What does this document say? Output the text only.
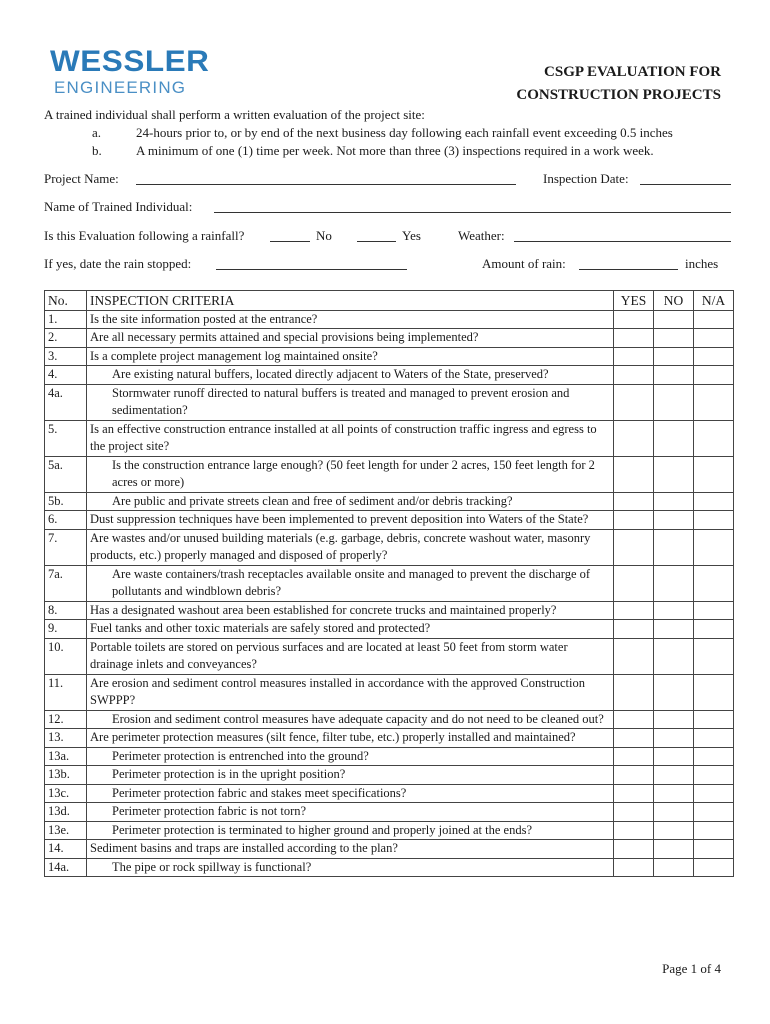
WESSLER
ENGINEERING
CSGP EVALUATION FOR
CONSTRUCTION PROJECTS
A trained individual shall perform a written evaluation of the project site:
a.	24-hours prior to, or by end of the next business day following each rainfall event exceeding 0.5 inches
b.	A minimum of one (1) time per week. Not more than three (3) inspections required in a work week.
Project Name:	Inspection Date:
Name of Trained Individual:
Is this Evaluation following a rainfall?	No	Yes	Weather:
If yes, date the rain stopped:	Amount of rain:	inches
No.	INSPECTION CRITERIA	YES	NO	N/A
1.	Is the site information posted at the entrance?			
2.	Are all necessary permits attained and special provisions being implemented?			
3.	Is a complete project management log maintained onsite?			
4.	Are existing natural buffers, located directly adjacent to Waters of the State, preserved?			

4a.	Stormwater runoff directed to natural buffers is treated and managed to prevent erosion and sedimentation?			

5.	Is an effective construction entrance installed at all points of construction traffic ingress and egress to the project site?			
5a.	Is the construction entrance large enough? (50 feet length for under 2 acres, 150 feet length for 2 acres or more)			

5b.	Are public and private streets clean and free of sediment and/or debris tracking?			

6.	Dust suppression techniques have been implemented to prevent deposition into Waters of the State?			
7.	Are wastes and/or unused building materials (e.g. garbage, debris, concrete washout water, masonry products, etc.) properly managed and disposed of properly?			
7a.	Are waste containers/trash receptacles available onsite and managed to prevent the discharge of pollutants and windblown debris?			

8.	Has a designated washout area been established for concrete trucks and maintained properly?			
9.	Fuel tanks and other toxic materials are safely stored and protected?			
10.	Portable toilets are stored on pervious surfaces and are located at least 50 feet from storm water drainage inlets and conveyances?			
11.	Are erosion and sediment control measures installed in accordance with the approved Construction SWPPP?			
12.	Erosion and sediment control measures have adequate capacity and do not need to be cleaned out?			

13.	Are perimeter protection measures (silt fence, filter tube, etc.) properly installed and maintained?			
13a.	Perimeter protection is entrenched into the ground?			

13b.	Perimeter protection is in the upright position?			

13c.	Perimeter protection fabric and stakes meet specifications?			

13d.	Perimeter protection fabric is not torn?			

13e.	Perimeter protection is terminated to higher ground and properly joined at the ends?			

14.	Sediment basins and traps are installed according to the plan?			
14a.	The pipe or rock spillway is functional?			

Page 1 of 4
